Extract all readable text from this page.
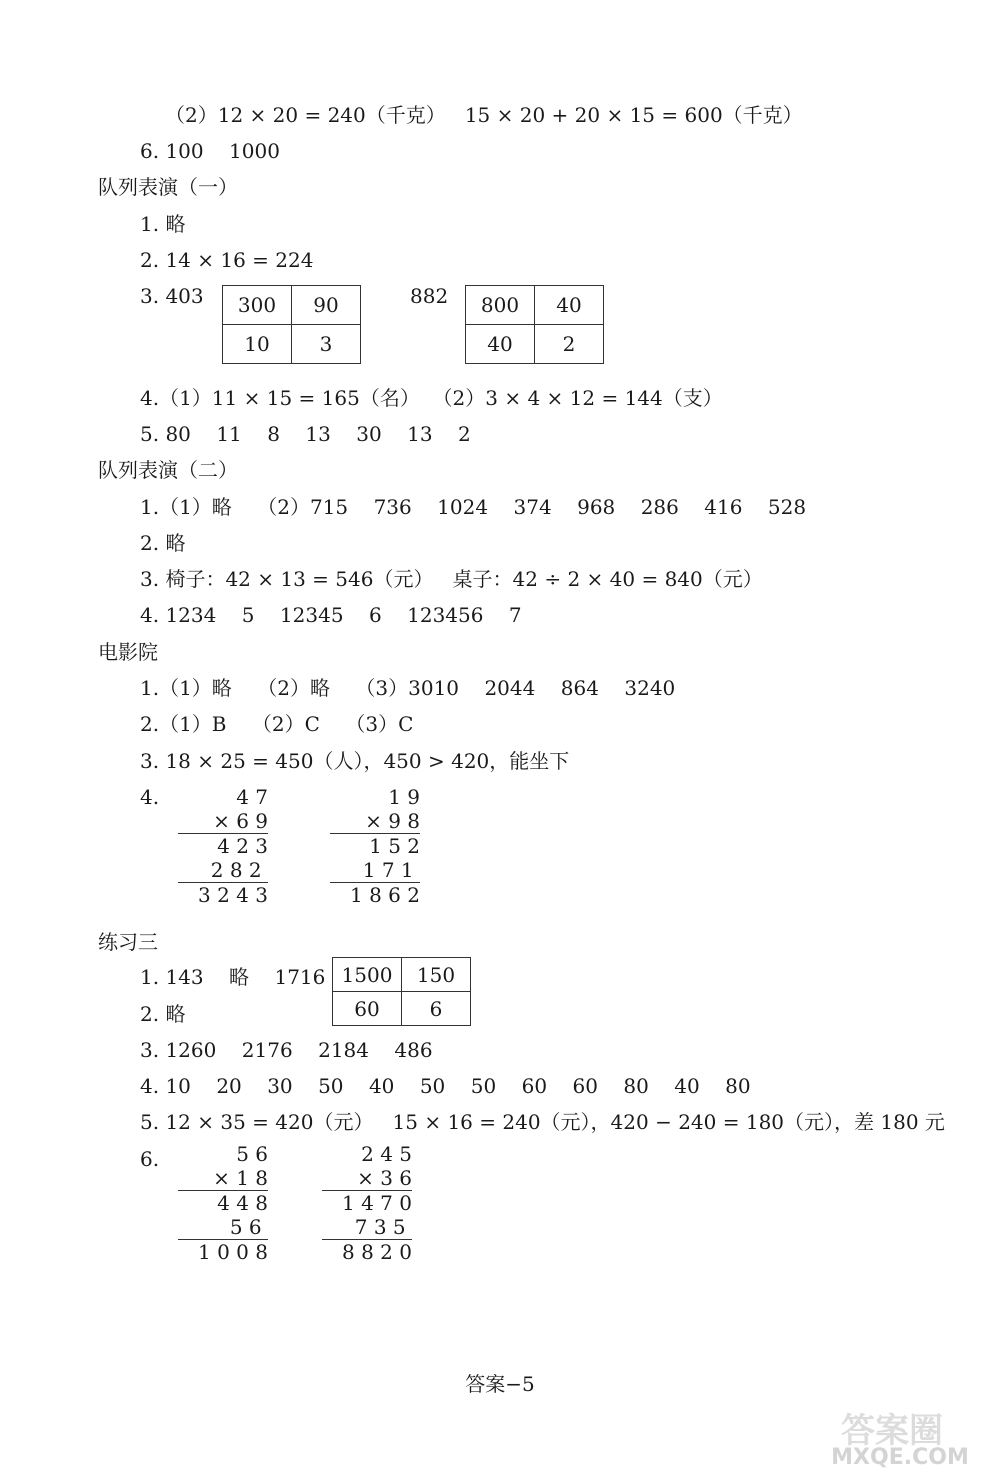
（2）12 × 20 = 240（千克）   15 × 20 + 20 × 15 = 600（千克）
6. 100    1000
队列表演（一）
1. 略
2. 14 × 16 = 224
3. 403	882
300	90
10	3
800	40
40	2
4.（1）11 × 15 = 165（名）  （2）3 × 4 × 12 = 144（支）
5. 80    11    8    13    30    13    2
队列表演（二）
1.（1）略    （2）715    736    1024    374    968    286    416    528
2. 略
3. 椅子：42 × 13 = 546（元）   桌子：42 ÷ 2 × 40 = 840（元）
4. 1234    5    12345    6    123456    7
电影院
1.（1）略    （2）略    （3）3010    2044    864    3240
2.（1）B    （2）C    （3）C
3. 18 × 25 = 450（人），450 > 420，能坐下
4.	4 7
× 6 9
4 2 3
2 8 2
3 2 4 3
1 9
× 9 8
1 5 2
1 7 1
1 8 6 2
练习三
1. 143    略    1716 1500	150
60	6
2. 略
3. 1260    2176    2184    486
4. 10    20    30    50    40    50    50    60    60    80    40    80
5. 12 × 35 = 420（元）   15 × 16 = 240（元），420 − 240 = 180（元），差 180 元
6.	5 6
× 1 8
4 4 8
5 6
1 0 0 8
2 4 5
× 3 6
1 4 7 0
7 3 5
8 8 2 0
答案−5
答案圈
MXQE.COM
